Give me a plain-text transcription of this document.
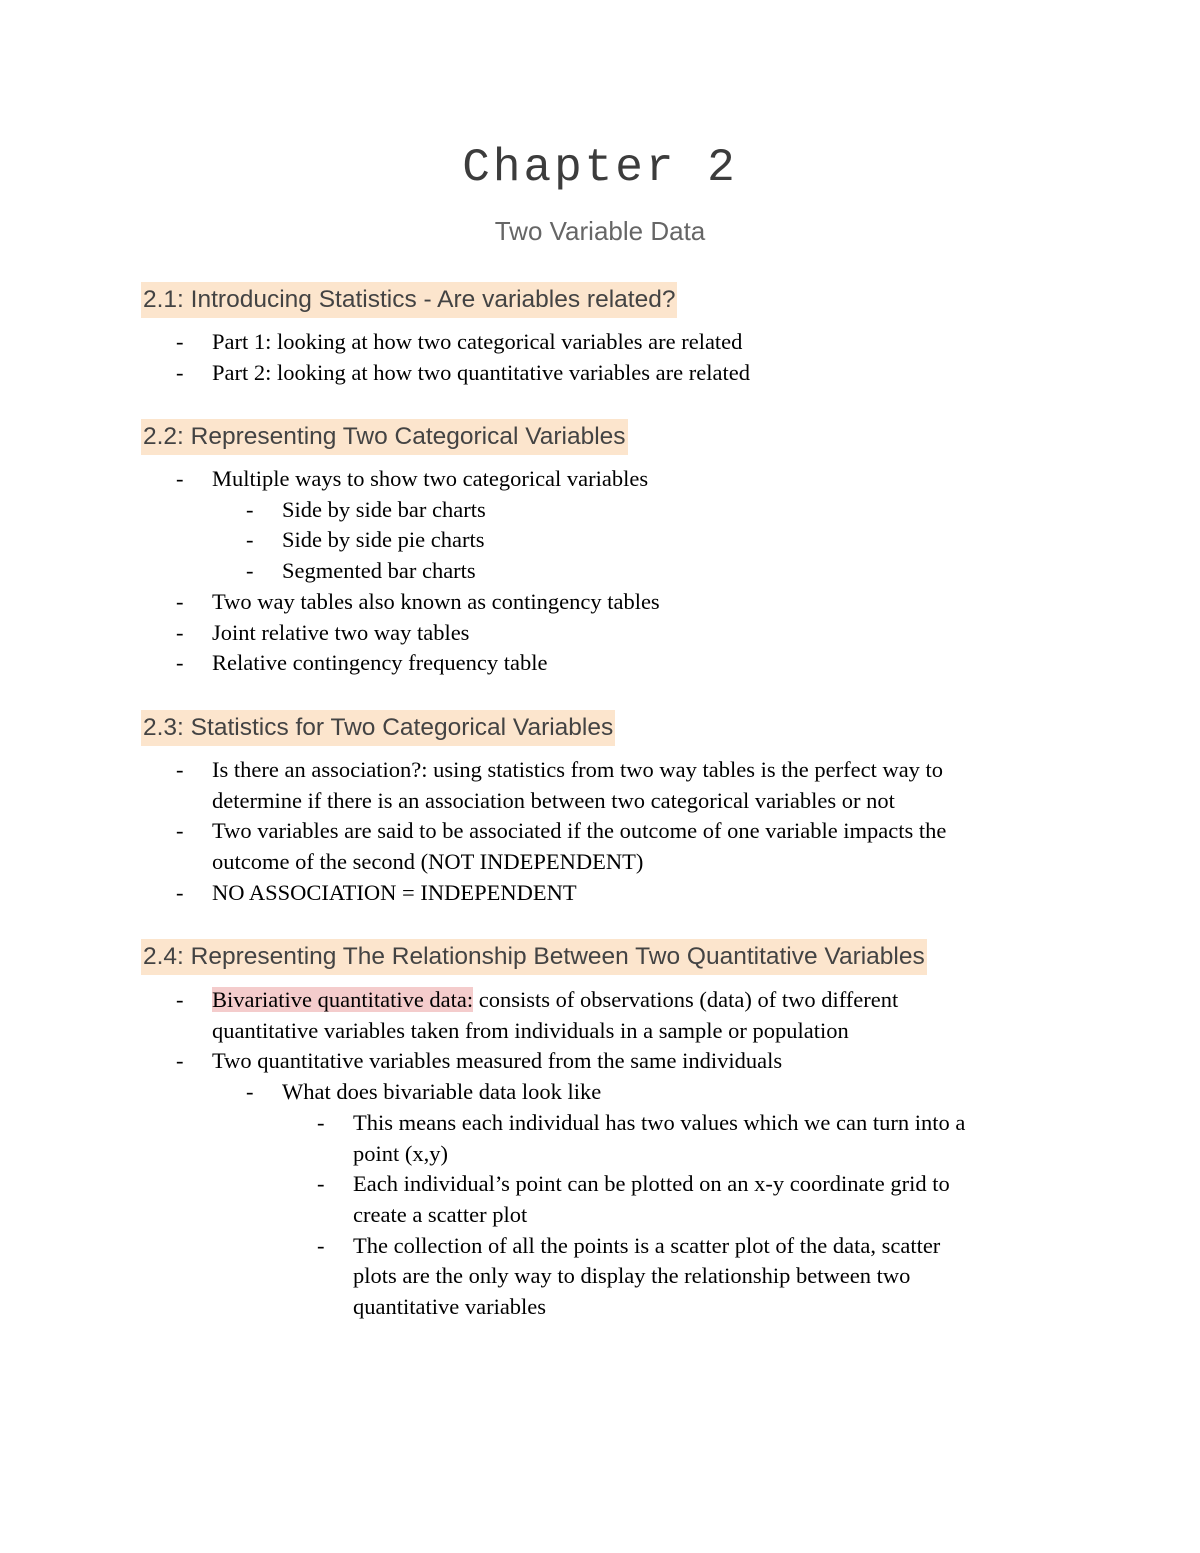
Chapter 2
Two Variable Data
2.1: Introducing Statistics - Are variables related?
- Part 1: looking at how two categorical variables are related
- Part 2: looking at how two quantitative variables are related
2.2: Representing Two Categorical Variables
- Multiple ways to show two categorical variables
- Side by side bar charts
- Side by side pie charts
- Segmented bar charts
- Two way tables also known as contingency tables
- Joint relative two way tables
- Relative contingency frequency table
2.3: Statistics for Two Categorical Variables
- Is there an association?: using statistics from two way tables is the perfect way to
determine if there is an association between two categorical variables or not
- Two variables are said to be associated if the outcome of one variable impacts the
outcome of the second (NOT INDEPENDENT)
- NO ASSOCIATION = INDEPENDENT
2.4: Representing The Relationship Between Two Quantitative Variables
- Bivariative quantitative data: consists of observations (data) of two different
quantitative variables taken from individuals in a sample or population
- Two quantitative variables measured from the same individuals
- What does bivariable data look like
- This means each individual has two values which we can turn into a
point (x,y)
- Each individual’s point can be plotted on an x-y coordinate grid to
create a scatter plot
- The collection of all the points is a scatter plot of the data, scatter
plots are the only way to display the relationship between two
quantitative variables
